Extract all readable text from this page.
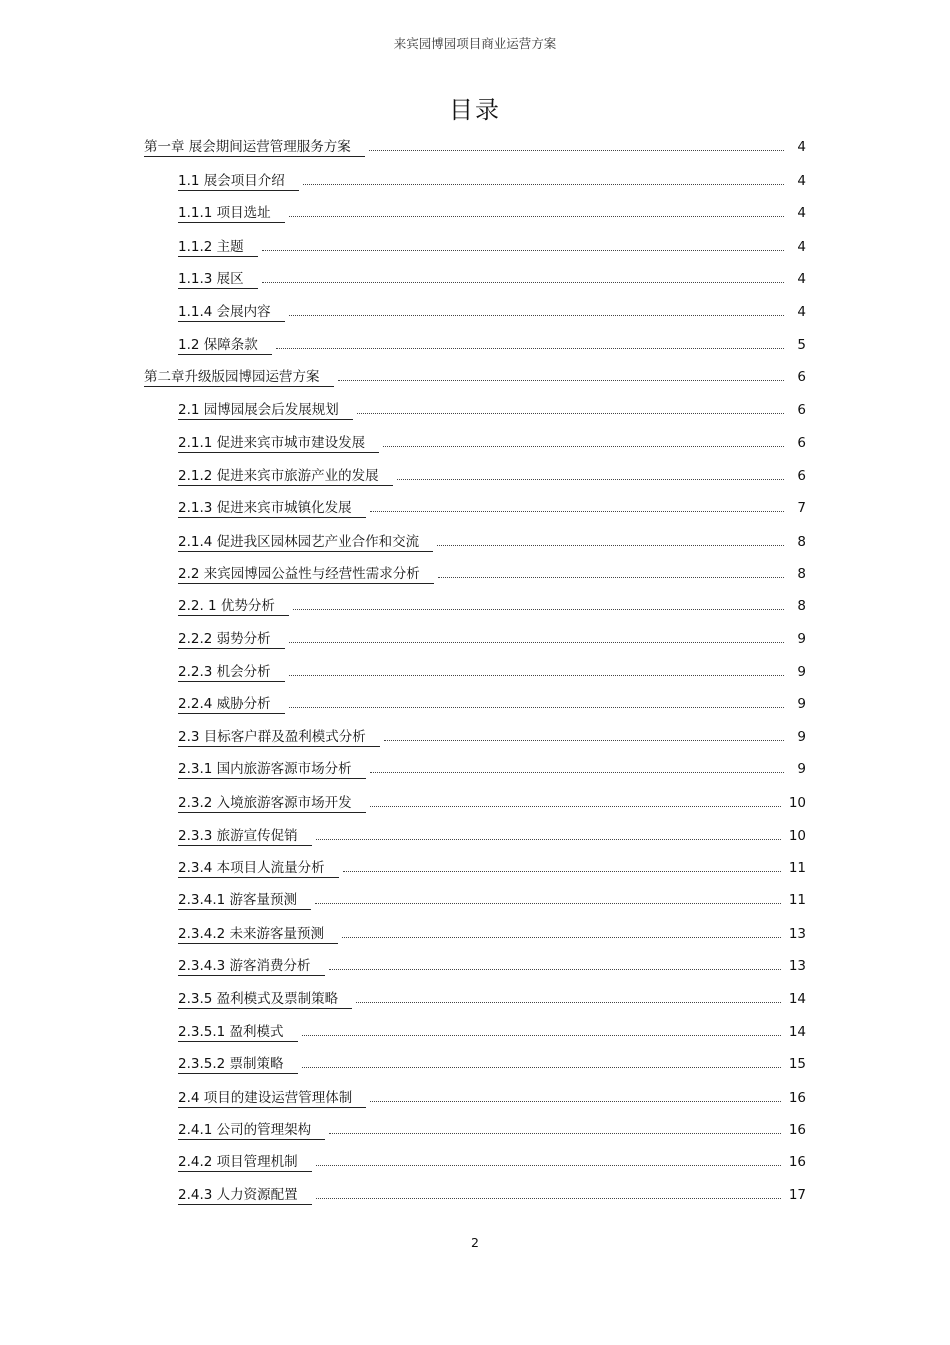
来宾园博园项目商业运营方案
目录
第一章 展会期间运营管理服务方案	4
1.1 展会项目介绍	4
1.1.1 项目选址	4
1.1.2 主题	4
1.1.3 展区	4
1.1.4 会展内容	4
1.2 保障条款	5
第二章升级版园博园运营方案	6
2.1 园博园展会后发展规划	6
2.1.1 促进来宾市城市建设发展	6
2.1.2 促进来宾市旅游产业的发展	6
2.1.3 促进来宾市城镇化发展	7
2.1.4 促进我区园林园艺产业合作和交流	8
2.2 来宾园博园公益性与经营性需求分析	8
2.2. 1 优势分析	8
2.2.2 弱势分析	9
2.2.3 机会分析	9
2.2.4 威胁分析	9
2.3 目标客户群及盈利模式分析	9
2.3.1 国内旅游客源市场分析	9
2.3.2 入境旅游客源市场开发	10
2.3.3 旅游宣传促销	10
2.3.4 本项目人流量分析	11
2.3.4.1 游客量预测	11
2.3.4.2 未来游客量预测	13
2.3.4.3 游客消费分析	13
2.3.5 盈利模式及票制策略	14
2.3.5.1 盈利模式	14
2.3.5.2 票制策略	15
2.4 项目的建设运营管理体制	16
2.4.1 公司的管理架构	16
2.4.2 项目管理机制	16
2.4.3 人力资源配置	17
2
